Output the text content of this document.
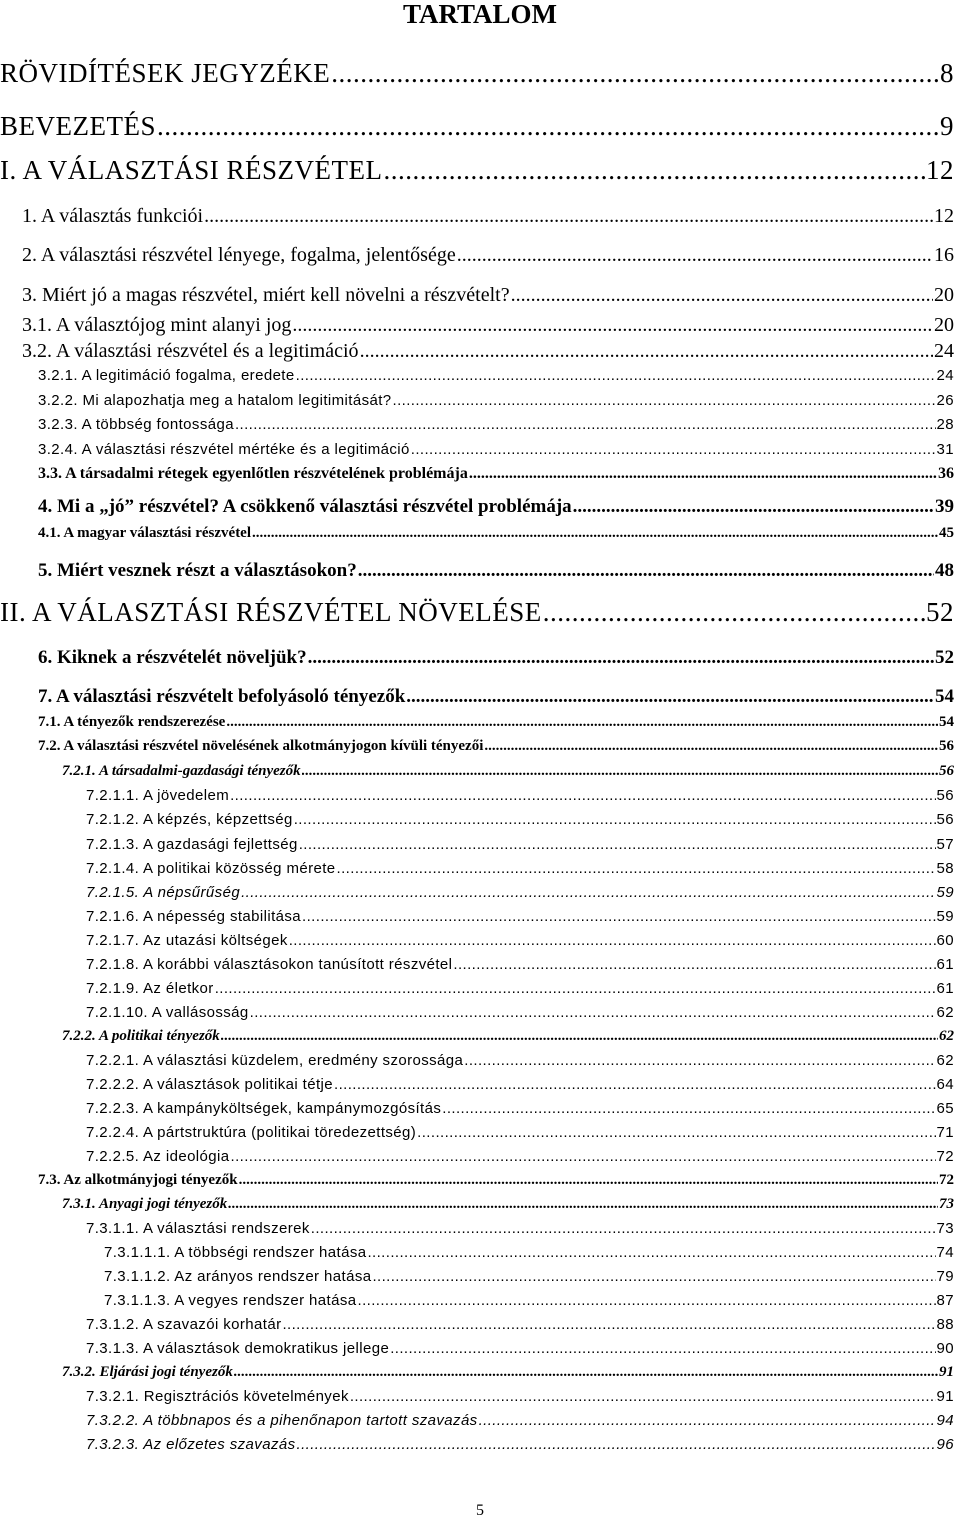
TARTALOM
RÖVIDÍTÉSEK JEGYZÉKE .....	8
BEVEZETÉS .....	9
I. A VÁLASZTÁSI RÉSZVÉTEL .....	12
1. A választás funkciói .....	12
2. A választási részvétel lényege, fogalma, jelentősége .....	16
3. Miért jó a magas részvétel, miért kell növelni a részvételt? .....	20
3.1. A választójog mint alanyi jog .....	20
3.2. A választási részvétel és a legitimáció .....	24
3.2.1. A legitimáció fogalma, eredete .....	24
3.2.2. Mi alapozhatja meg a hatalom legitimitását? .....	26
3.2.3. A többség fontossága .....	28
3.2.4. A választási részvétel mértéke és a legitimáció .....	31
3.3. A társadalmi rétegek egyenlőtlen részvételének problémája .....	36
4. Mi a „jó” részvétel? A csökkenő választási részvétel problémája .....	39
4.1. A magyar választási részvétel .....	45
5. Miért vesznek részt a választásokon? .....	48
II. A VÁLASZTÁSI RÉSZVÉTEL NÖVELÉSE .....	52
6. Kiknek a részvételét növeljük? .....	52
7. A választási részvételt befolyásoló tényezők .....	54
7.1. A tényezők rendszerezése .....	54
7.2. A választási részvétel növelésének alkotmányjogon kívüli tényezői .....	56
7.2.1. A társadalmi-gazdasági tényezők .....	56
7.2.1.1. A jövedelem .....	56
7.2.1.2. A képzés, képzettség .....	56
7.2.1.3. A gazdasági fejlettség .....	57
7.2.1.4. A politikai közösség mérete .....	58
7.2.1.5. A népsűrűség .....	59
7.2.1.6. A népesség stabilitása .....	59
7.2.1.7. Az utazási költségek .....	60
7.2.1.8. A korábbi választásokon tanúsított részvétel .....	61
7.2.1.9. Az életkor .....	61
7.2.1.10. A vallásosság .....	62
7.2.2. A politikai tényezők .....	62
7.2.2.1. A választási küzdelem, eredmény szorossága .....	62
7.2.2.2. A választások politikai tétje .....	64
7.2.2.3. A kampányköltségek, kampánymozgósítás .....	65
7.2.2.4. A pártstruktúra (politikai töredezettség) .....	71
7.2.2.5. Az ideológia .....	72
7.3. Az alkotmányjogi tényezők .....	72
7.3.1. Anyagi jogi tényezők .....	73
7.3.1.1. A választási rendszerek .....	73
7.3.1.1.1. A többségi rendszer hatása .....	74
7.3.1.1.2. Az arányos rendszer hatása .....	79
7.3.1.1.3. A vegyes rendszer hatása .....	87
7.3.1.2. A szavazói korhatár .....	88
7.3.1.3. A választások demokratikus jellege .....	90
7.3.2. Eljárási jogi tényezők .....	91
7.3.2.1. Regisztrációs követelmények .....	91
7.3.2.2. A többnapos és a pihenőnapon tartott szavazás .....	94
7.3.2.3. Az előzetes szavazás .....	96
5
